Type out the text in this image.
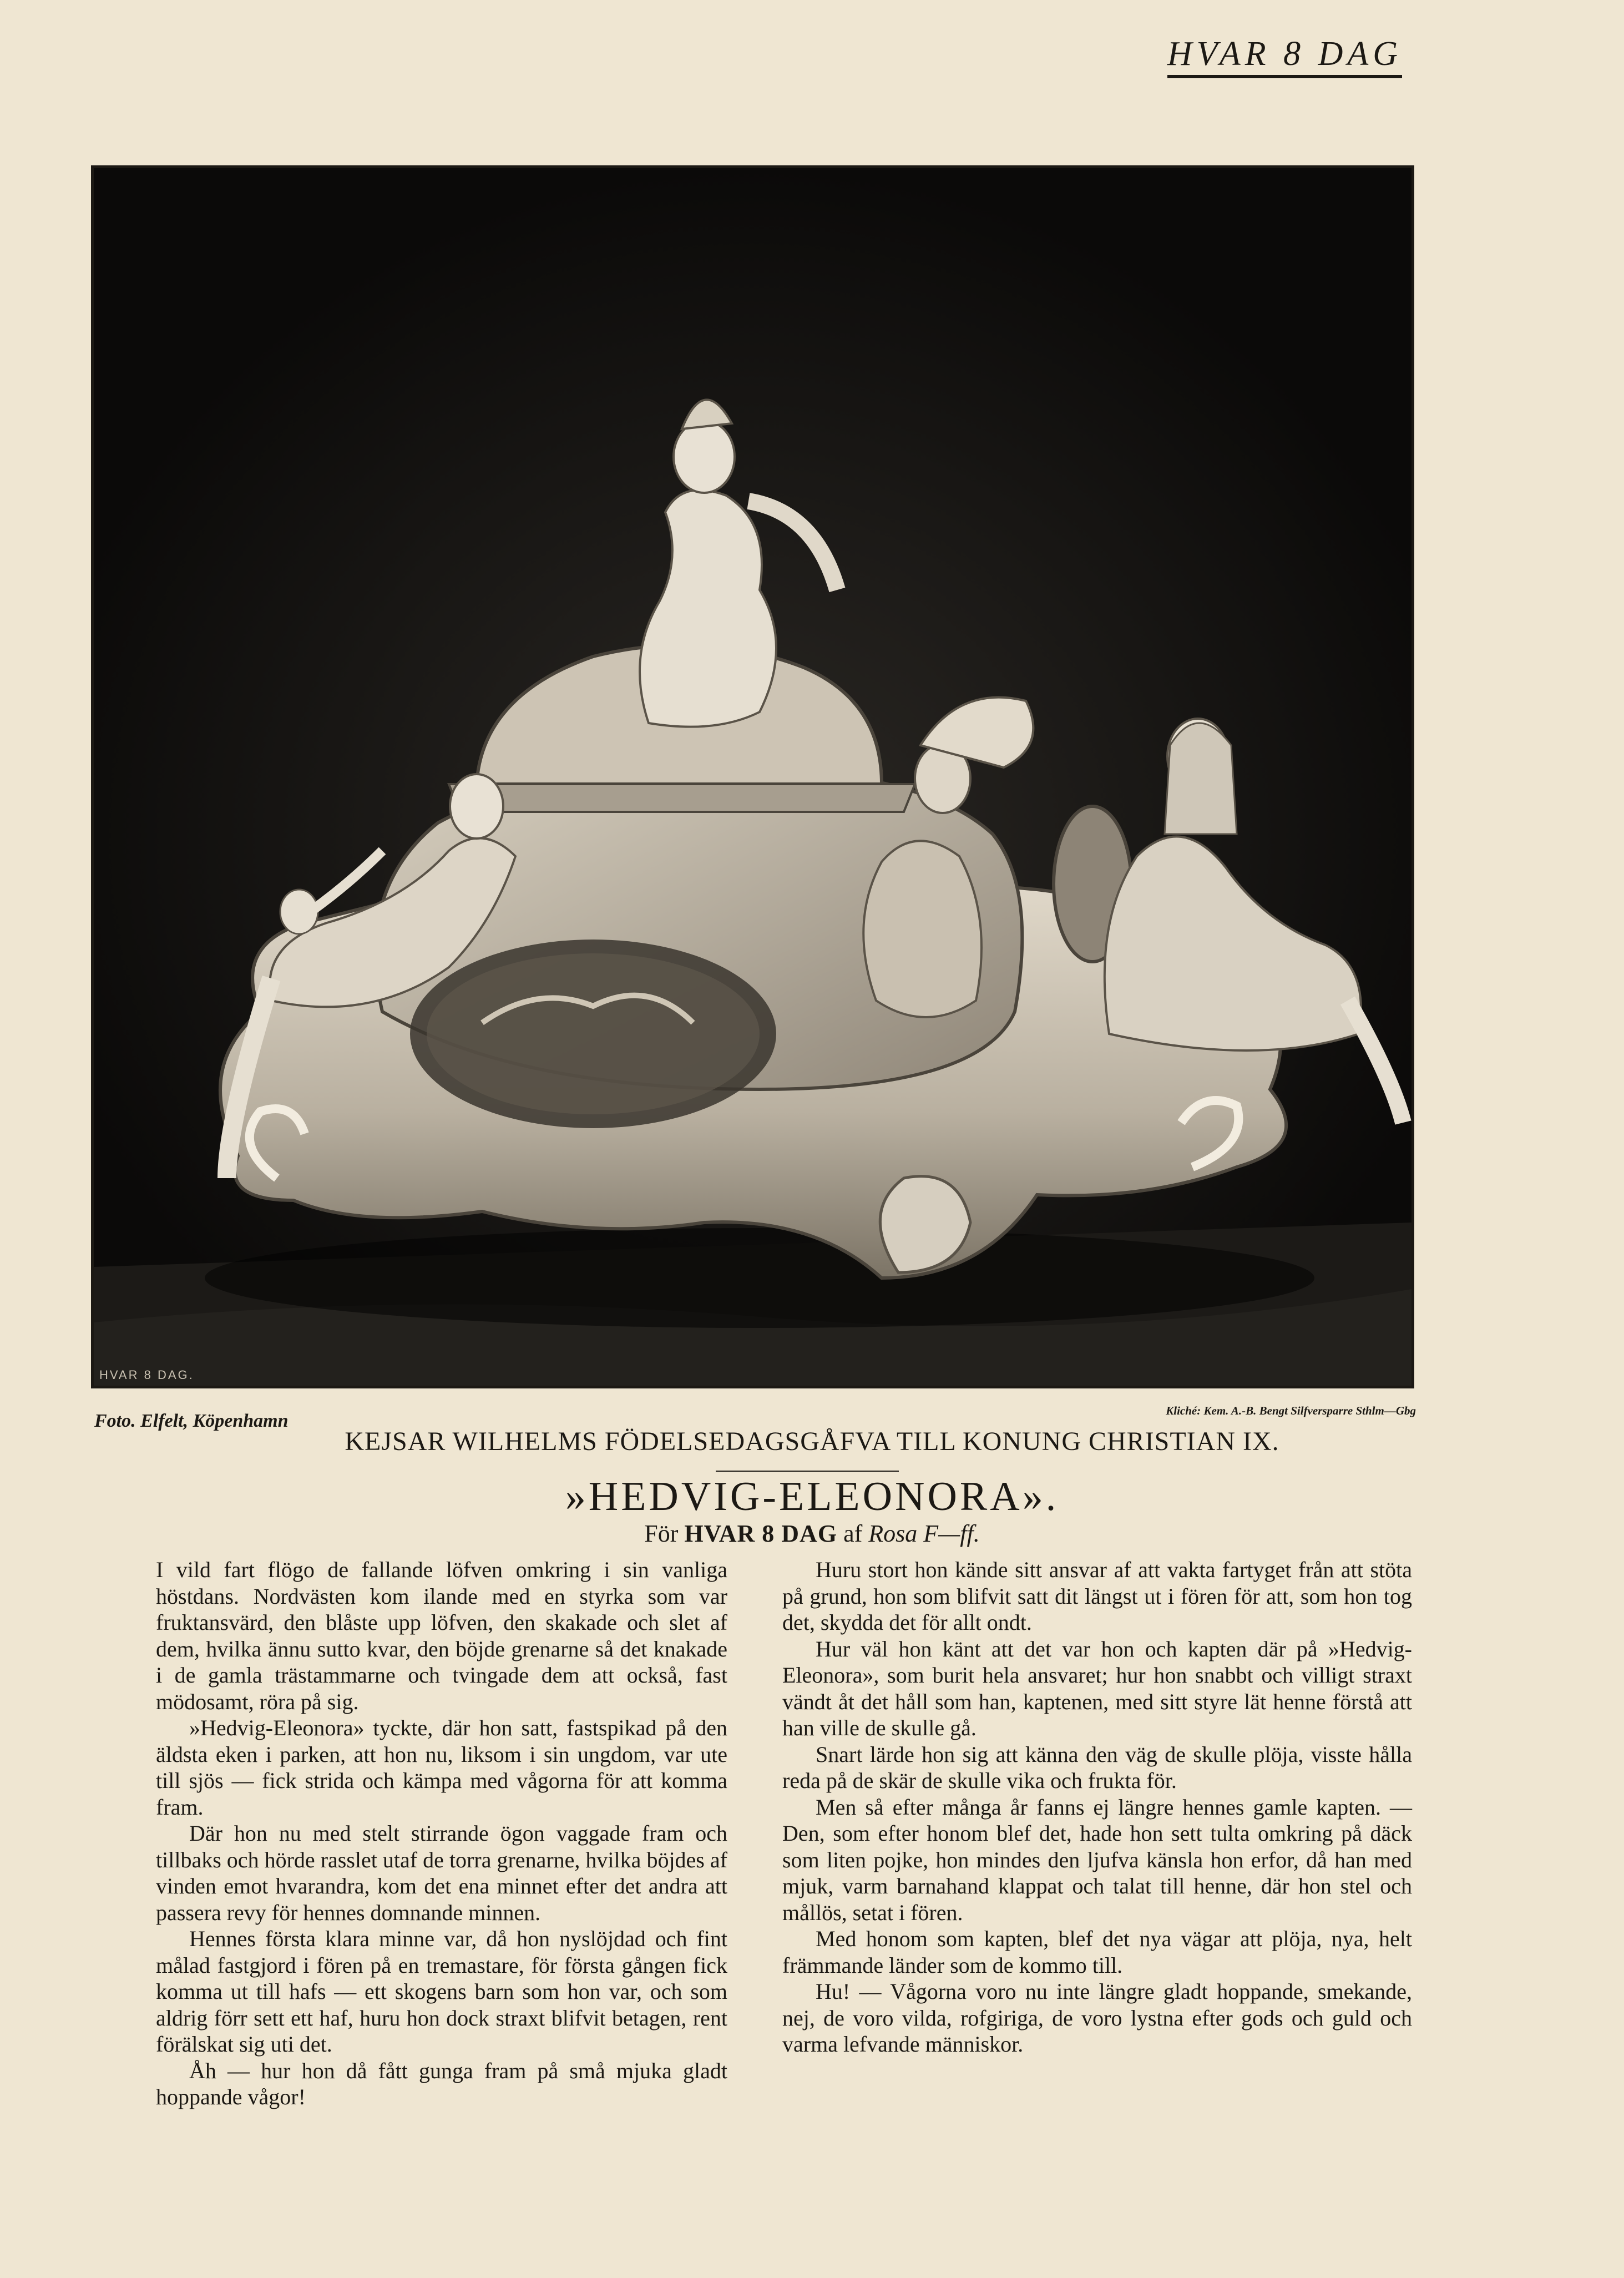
HVAR 8 DAG
HVAR 8 DAG.
Foto. Elfelt, Köpenhamn	Kliché: Kem. A.-B. Bengt Silfversparre Sthlm—Gbg
KEJSAR WILHELMS FÖDELSEDAGSGÅFVA TILL KONUNG CHRISTIAN IX.
»HEDVIG-ELEONORA».
För HVAR 8 DAG af Rosa F—ff.

I vild fart flögo de fallande löfven omkring i sin vanliga höstdans. Nordvästen kom ilande med en styrka som var fruktansvärd, den blåste upp löfven, den skakade och slet af dem, hvilka ännu sutto kvar, den böjde grenarne så det knakade i de gamla trästammarne och tvingade dem att också, fast mödosamt, röra på sig.

»Hedvig-Eleonora» tyckte, där hon satt, fastspikad på den äldsta eken i parken, att hon nu, liksom i sin ungdom, var ute till sjös — fick strida och kämpa med vågorna för att komma fram.

Där hon nu med stelt stirrande ögon vaggade fram och tillbaks och hörde rasslet utaf de torra grenarne, hvilka böjdes af vinden emot hvarandra, kom det ena minnet efter det andra att passera revy för hennes domnande minnen.

Hennes första klara minne var, då hon nyslöjdad och fint målad fastgjord i fören på en tremastare, för första gången fick komma ut till hafs — ett skogens barn som hon var, och som aldrig förr sett ett haf, huru hon dock straxt blifvit betagen, rent förälskat sig uti det.

Åh — hur hon då fått gunga fram på små mjuka gladt hoppande vågor!

Huru stort hon kände sitt ansvar af att vakta fartyget från att stöta på grund, hon som blifvit satt dit längst ut i fören för att, som hon tog det, skydda det för allt ondt.

Hur väl hon känt att det var hon och kapten där på »Hedvig-Eleonora», som burit hela ansvaret; hur hon snabbt och villigt straxt vändt åt det håll som han, kaptenen, med sitt styre lät henne förstå att han ville de skulle gå.

Snart lärde hon sig att känna den väg de skulle plöja, visste hålla reda på de skär de skulle vika och frukta för.

Men så efter många år fanns ej längre hennes gamle kapten. — Den, som efter honom blef det, hade hon sett tulta omkring på däck som liten pojke, hon mindes den ljufva känsla hon erfor, då han med mjuk, varm barnahand klappat och talat till henne, där hon stel och mållös, setat i fören.

Med honom som kapten, blef det nya vägar att plöja, nya, helt främmande länder som de kommo till.

Hu! — Vågorna voro nu inte längre gladt hoppande, smekande, nej, de voro vilda, rofgiriga, de voro lystna efter gods och guld och varma lefvande människor.
